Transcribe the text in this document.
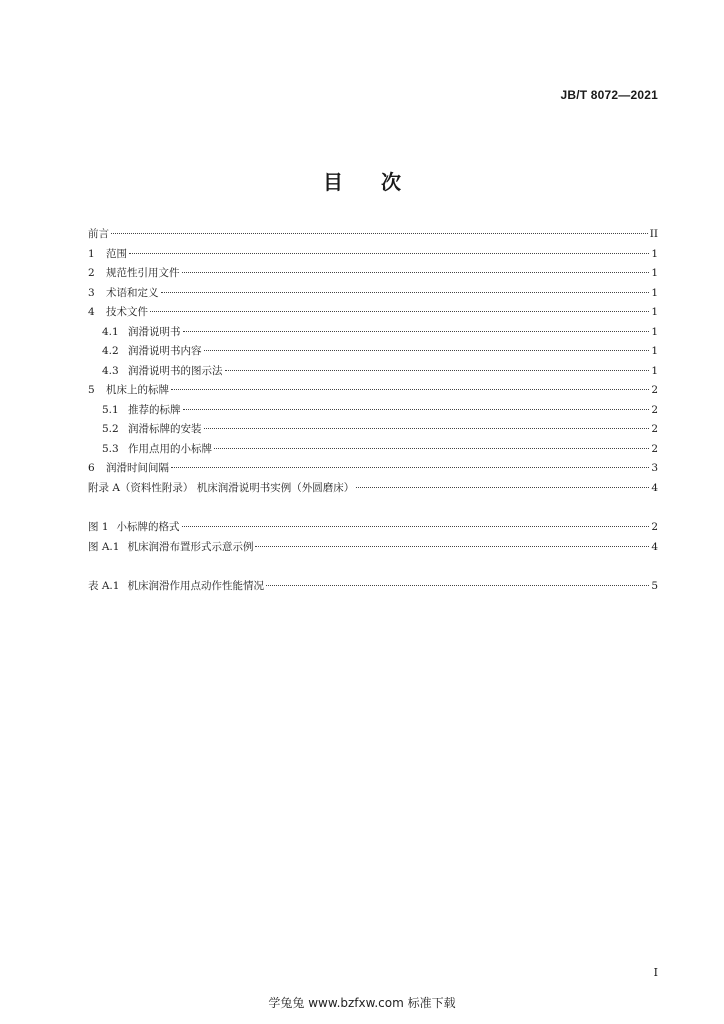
JB/T 8072—2021
目 次
前言	II
1	范围	1
2	规范性引用文件	1
3	术语和定义	1
4	技术文件	1
4.1 润滑说明书	1
4.2 润滑说明书内容	1
4.3 润滑说明书的图示法	1
5	机床上的标牌	2
5.1 推荐的标牌	2
5.2 润滑标牌的安装	2
5.3 作用点用的小标牌	2
6	润滑时间间隔	3
附录 A（资料性附录） 机床润滑说明书实例（外圆磨床）	4
图 1 小标牌的格式	2
图 A.1 机床润滑布置形式示意示例	4
表 A.1 机床润滑作用点动作性能情况	5
I
学兔兔 www.bzfxw.com 标准下载
